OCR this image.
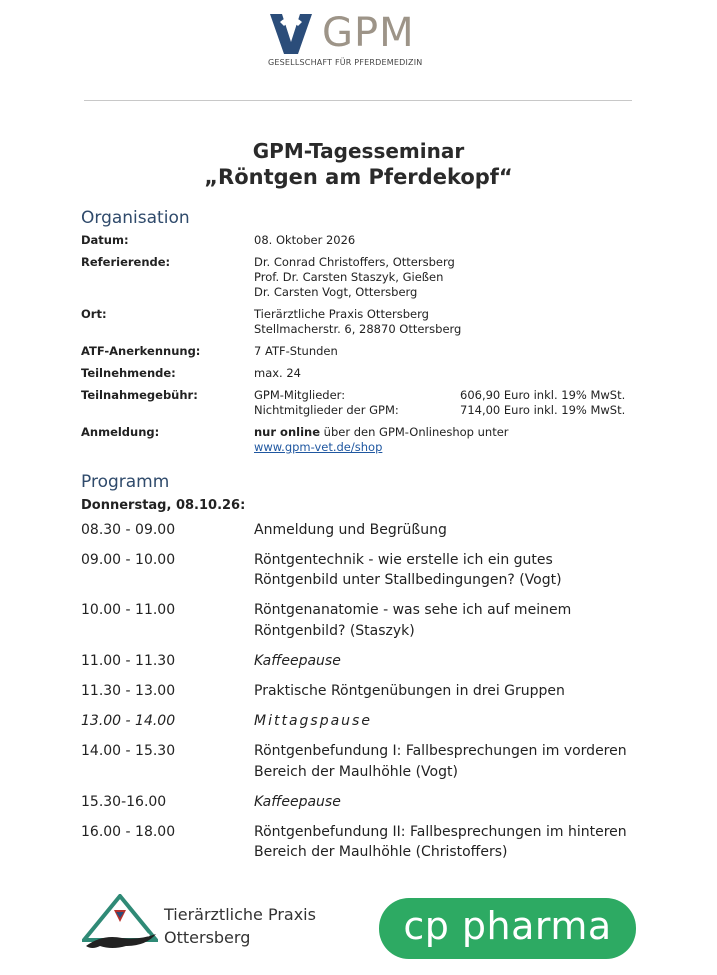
GPM
GESELLSCHAFT FÜR PFERDEMEDIZIN
GPM-Tagesseminar
„Röntgen am Pferdekopf“
Organisation
Datum:	08. Oktober 2026
Referierende:	Dr. Conrad Christoffers, Ottersberg
Prof. Dr. Carsten Staszyk, Gießen
Dr. Carsten Vogt, Ottersberg
Ort:	Tierärztliche Praxis Ottersberg
Stellmacherstr. 6, 28870 Ottersberg
ATF-Anerkennung:	7 ATF-Stunden
Teilnehmende:	max. 24
Teilnahmegebühr:	GPM-Mitglieder:	606,90 Euro inkl. 19% MwSt.
Nichtmitglieder der GPM:	714,00 Euro inkl. 19% MwSt.
Anmeldung:	nur online über den GPM-Onlineshop unter
www.gpm-vet.de/shop
Programm
Donnerstag, 08.10.26:
08.30 - 09.00	Anmeldung und Begrüßung
09.00 - 10.00	Röntgentechnik - wie erstelle ich ein gutes
Röntgenbild unter Stallbedingungen? (Vogt)
10.00 - 11.00	Röntgenanatomie - was sehe ich auf meinem
Röntgenbild? (Staszyk)
11.00 - 11.30	Kaffeepause
11.30 - 13.00	Praktische Röntgenübungen in drei Gruppen
13.00 - 14.00	Mittagspause
14.00 - 15.30	Röntgenbefundung I: Fallbesprechungen im vorderen
Bereich der Maulhöhle (Vogt)
15.30-16.00	Kaffeepause
16.00 - 18.00	Röntgenbefundung II: Fallbesprechungen im hinteren
Bereich der Maulhöhle (Christoffers)
Tierärztliche Praxis
Ottersberg	cp pharma
